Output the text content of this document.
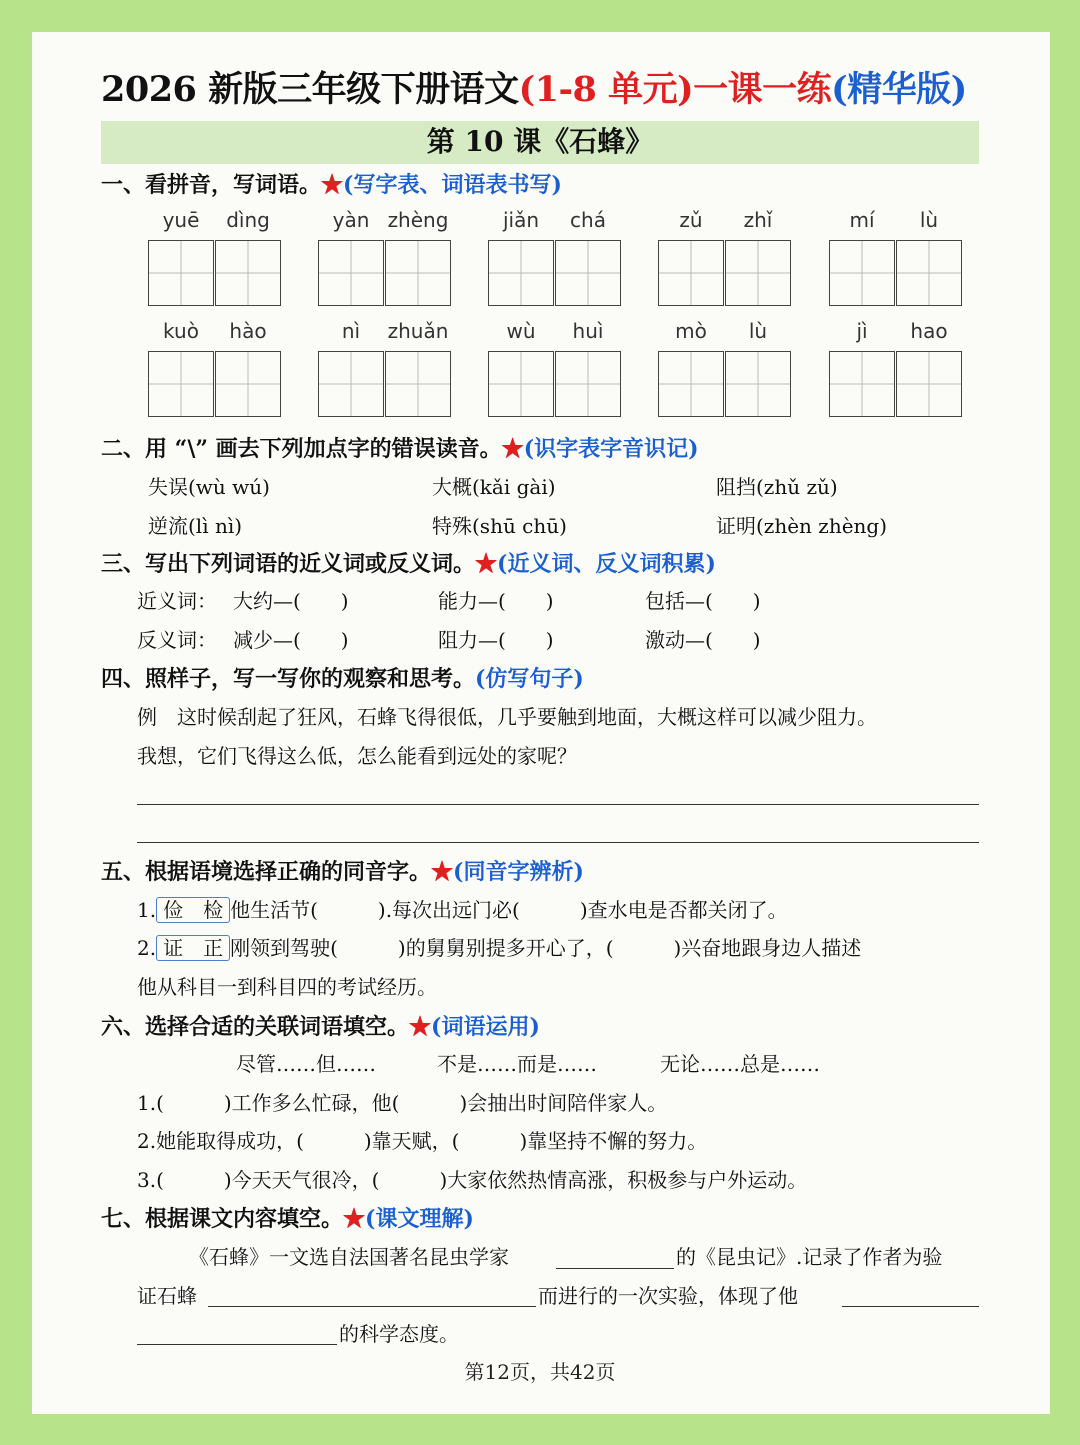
2026 新版三年级下册语文(1-8 单元)一课一练(精华版)
第 10 课《石蜂》
一、看拼音，写词语。★(写字表、词语表书写)
yuē	dìng	yàn zhèng	jiǎn	chá	zǔ	zhǐ	mí	lù
kuò	hào	nì	zhuǎn	wù	huì	mò	lù	jì	hao
二、用 “\” 画去下列加点字的错误读音。★(识字表字音识记)
失误(wù wú)	大概(kǎi gài)	阻挡(zhǔ zǔ)
逆流(lì nì)	特殊(shū chū)	证明(zhèn zhèng)
三、写出下列词语的近义词或反义词。★(近义词、反义词积累)
近义词： 大约—(　　)	能力—(　　)	包括—(　　)
反义词： 减少—(　　)	阻力—(　　)	激动—(　　)
四、照样子，写一写你的观察和思考。(仿写句子)
例　这时候刮起了狂风，石蜂飞得很低，几乎要触到地面，大概这样可以减少阻力。
我想，它们飞得这么低，怎么能看到远处的家呢？
五、根据语境选择正确的同音字。★(同音字辨析)
1. 俭　检 他生活节(　　　).每次出远门必(　　　)查水电是否都关闭了。
2. 证　正 刚领到驾驶(　　　)的舅舅别提多开心了，(　　　)兴奋地跟身边人描述
他从科目一到科目四的考试经历。
六、选择合适的关联词语填空。★(词语运用)
尽管……但……	不是……而是……	无论……总是……
1.(　　　)工作多么忙碌，他(　　　)会抽出时间陪伴家人。
2.她能取得成功，(　　　)靠天赋，(　　　)靠坚持不懈的努力。
3.(　　　)今天天气很冷，(　　　)大家依然热情高涨，积极参与户外运动。
七、根据课文内容填空。★(课文理解)
《石蜂》一文选自法国著名昆虫学家	的《昆虫记》.记录了作者为验
证石蜂	而进行的一次实验，体现了他
的科学态度。
第12页，共42页
